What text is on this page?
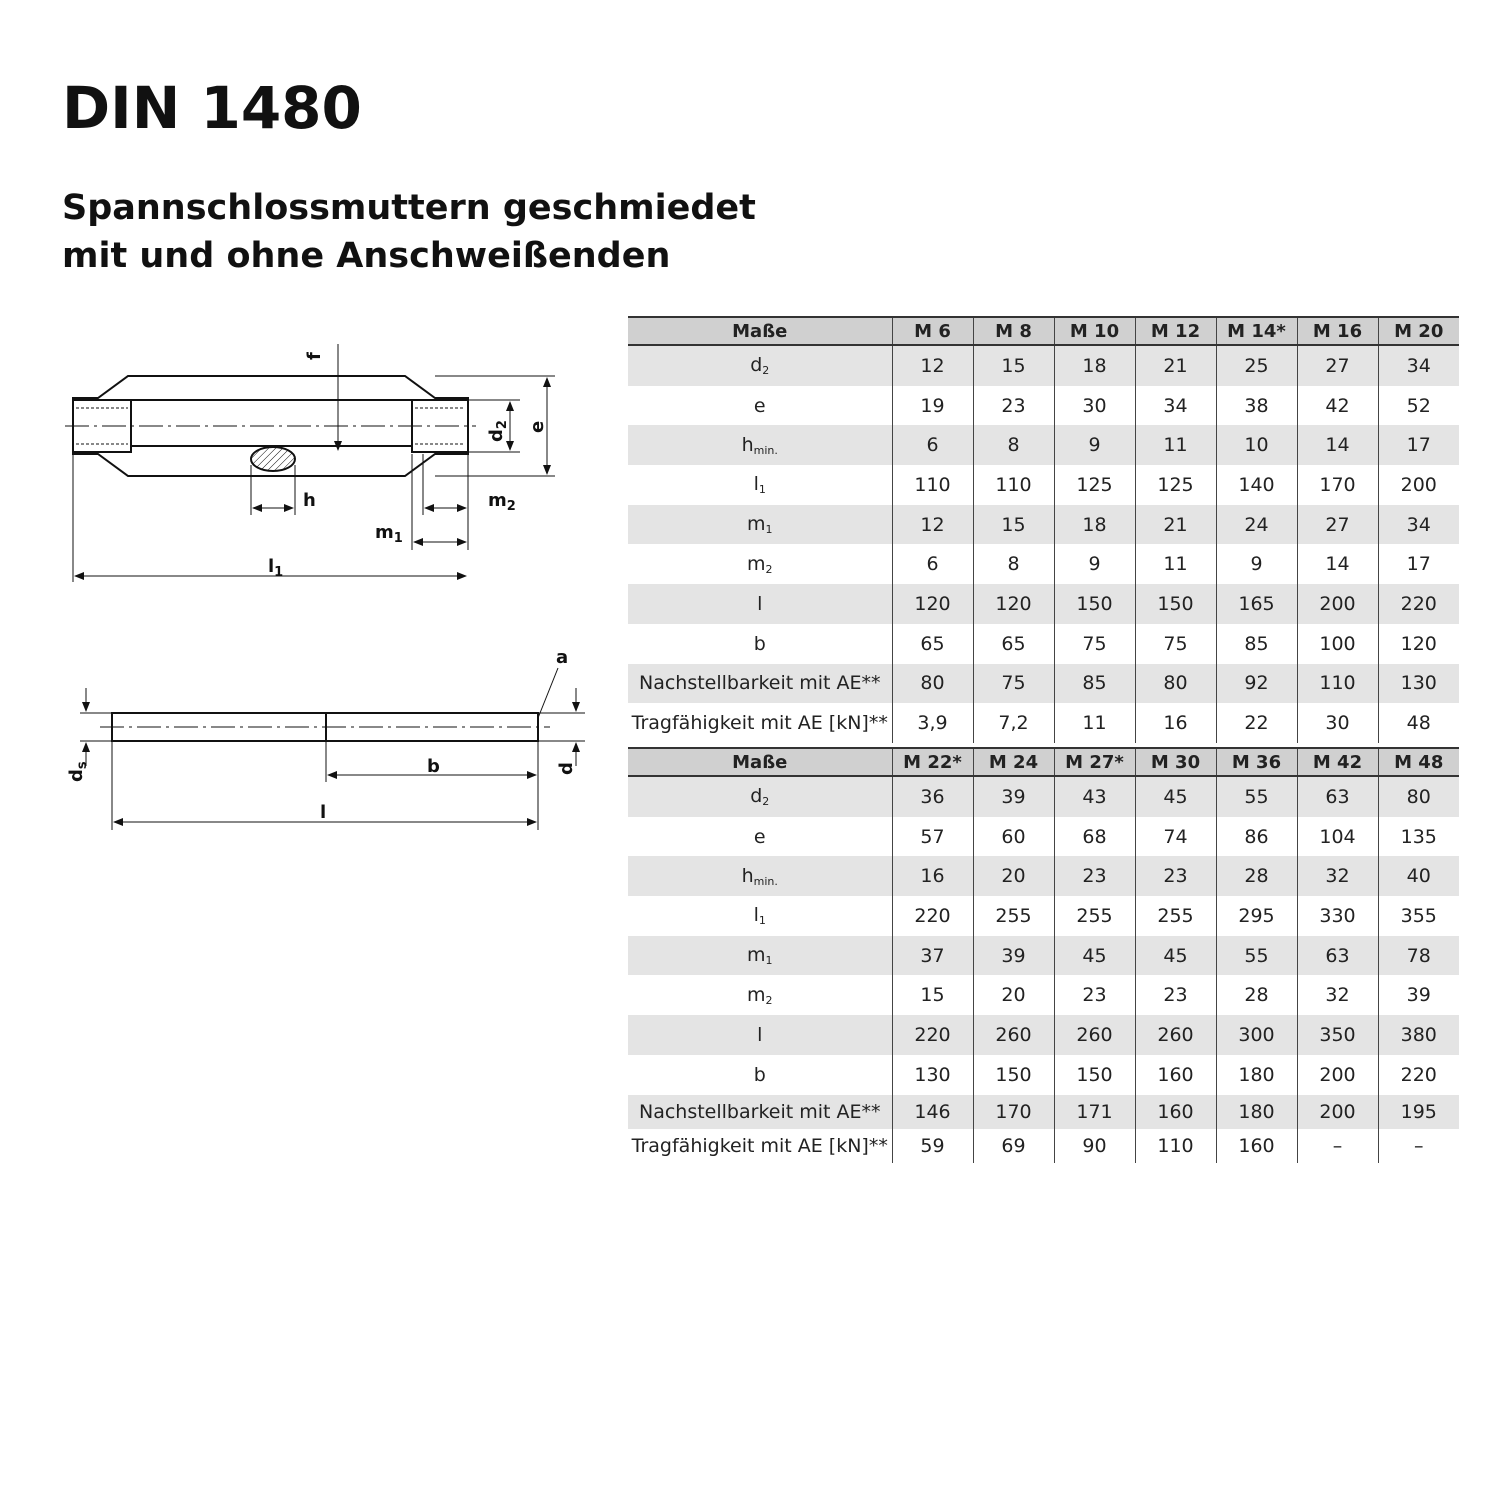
DIN 1480
Spannschlossmuttern geschmiedet
mit und ohne Anschweißenden
f
$d_2$ e
h	$m_2$
$m_1$
$l_1$
a
$d_s$	d
b
l
Maße	M 6	M 8	M 10	M 12	M 14*	M 16	M 20
$d_2$	12	15	18	21	25	27	34
e	19	23	30	34	38	42	52
$h_{min.}$	6	8	9	11	10	14	17
$l_1$	110	110	125	125	140	170	200
$m_1$	12	15	18	21	24	27	34
$m_2$	6	8	9	11	9	14	17
l	120	120	150	150	165	200	220
b	65	65	75	75	85	100	120
Nachstellbarkeit mit AE**	80	75	85	80	92	110	130
Tragfähigkeit mit AE [kN]**	3,9	7,2	11	16	22	30	48
Maße	M 22*	M 24	M 27*	M 30	M 36	M 42	M 48
$d_2$	36	39	43	45	55	63	80
e	57	60	68	74	86	104	135
$h_{min.}$	16	20	23	23	28	32	40
$l_1$	220	255	255	255	295	330	355
$m_1$	37	39	45	45	55	63	78
$m_2$	15	20	23	23	28	32	39
l	220	260	260	260	300	350	380
b	130	150	150	160	180	200	220
Nachstellbarkeit mit AE**	146	170	171	160	180	200	195
Tragfähigkeit mit AE [kN]**	59	69	90	110	160	–	–
